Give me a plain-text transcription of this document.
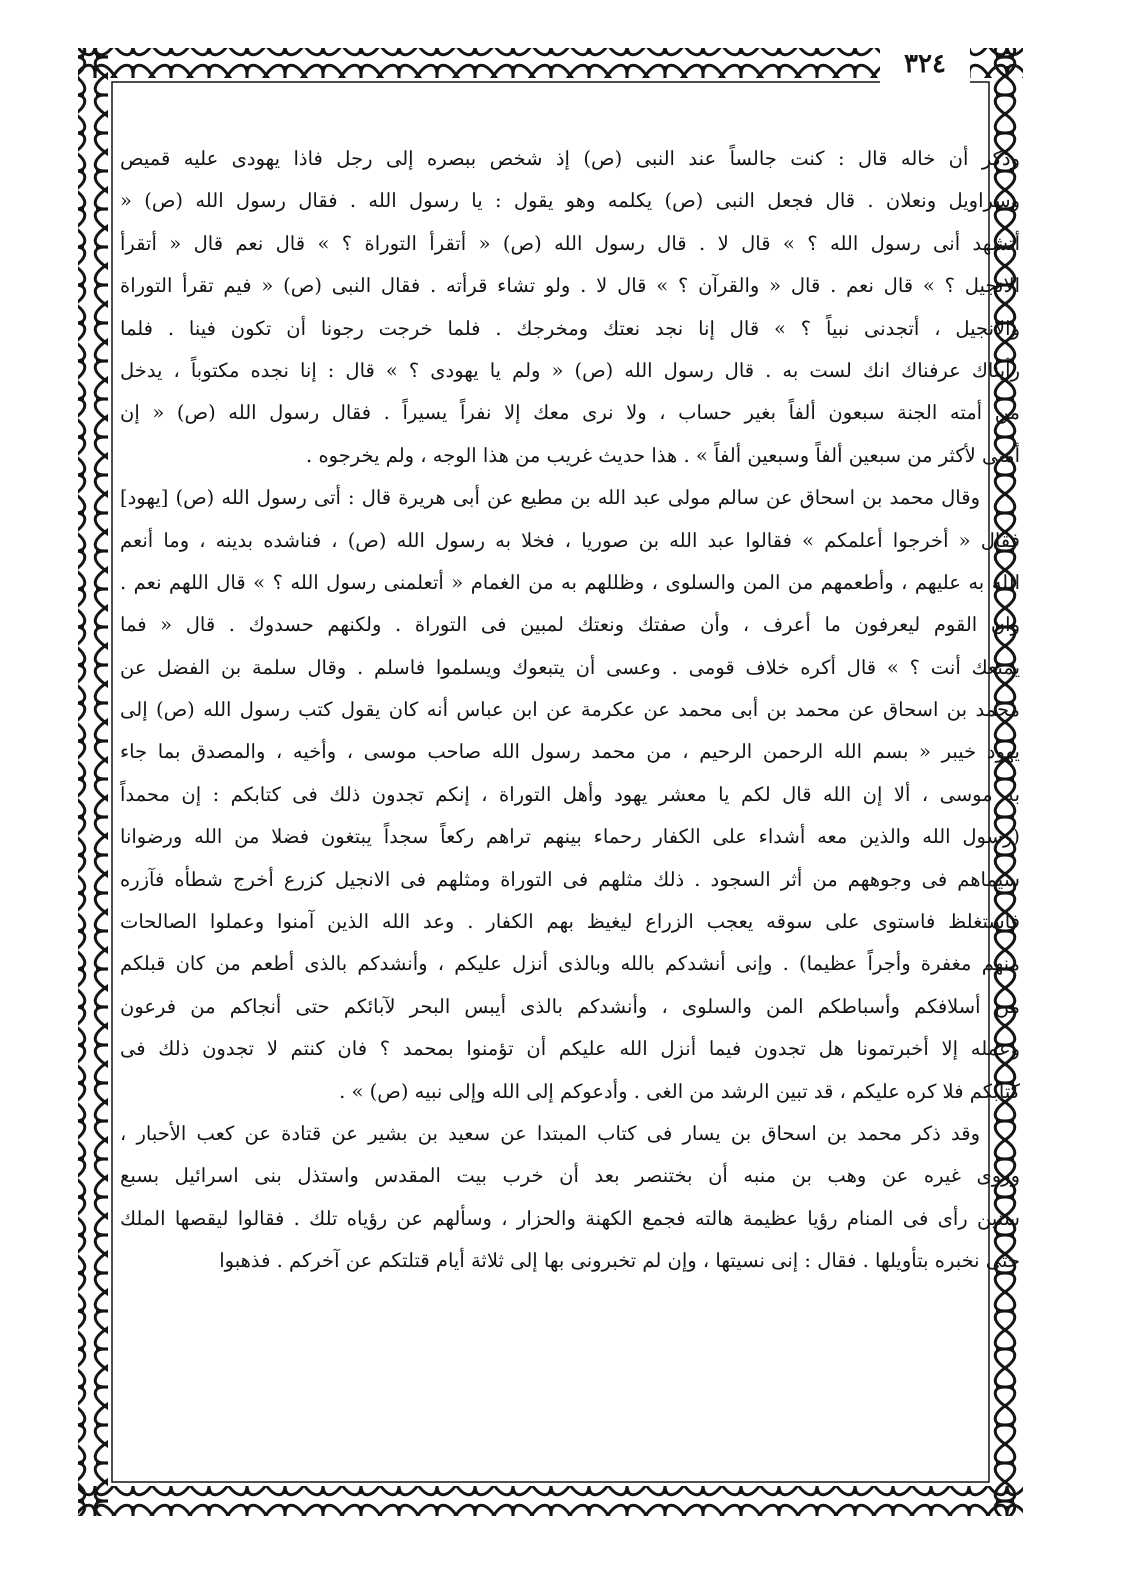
٣٢٤
وذكر أن خاله قال : كنت جالساً عند النبى (ص) إذ شخص ببصره إلى رجل فاذا يهودى عليه قميص
وسراويل ونعلان . قال فجعل النبى (ص) يكلمه وهو يقول : يا رسول الله . فقال رسول الله (ص) «
أتشهد أنى رسول الله ؟ » قال لا . قال رسول الله (ص) « أتقرأ التوراة ؟ » قال نعم قال « أتقرأ
الانجيل ؟ » قال نعم . قال « والقرآن ؟ » قال لا . ولو تشاء قرأته . فقال النبى (ص) « فيم تقرأ التوراة
والانجيل ، أتجدنى نبياً ؟ » قال إنا نجد نعتك ومخرجك . فلما خرجت رجونا أن تكون فينا . فلما
رأيناك عرفناك انك لست به . قال رسول الله (ص) « ولم يا يهودى ؟ » قال : إنا نجده مكتوباً ، يدخل
من أمته الجنة سبعون ألفاً بغير حساب ، ولا نرى معك إلا نفراً يسيراً . فقال رسول الله (ص) « إن
أمتى لأكثر من سبعين ألفاً وسبعين ألفاً » . هذا حديث غريب من هذا الوجه ، ولم يخرجوه .
وقال محمد بن اسحاق عن سالم مولى عبد الله بن مطيع عن أبى هريرة قال : أتى رسول الله (ص) [يهود]
فقال « أخرجوا أعلمكم » فقالوا عبد الله بن صوريا ، فخلا به رسول الله (ص) ، فناشده بدينه ، وما أنعم
الله به عليهم ، وأطعمهم من المن والسلوى ، وظللهم به من الغمام « أتعلمنى رسول الله ؟ » قال اللهم نعم .
وان القوم ليعرفون ما أعرف ، وأن صفتك ونعتك لمبين فى التوراة . ولكنهم حسدوك . قال « فما
يمنعك أنت ؟ » قال أكره خلاف قومى . وعسى أن يتبعوك ويسلموا فاسلم . وقال سلمة بن الفضل عن
محمد بن اسحاق عن محمد بن أبى محمد عن عكرمة عن ابن عباس أنه كان يقول كتب رسول الله (ص) إلى
يهود خيبر « بسم الله الرحمن الرحيم ، من محمد رسول الله صاحب موسى ، وأخيه ، والمصدق بما جاء
به موسى ، ألا إن الله قال لكم يا معشر يهود وأهل التوراة ، إنكم تجدون ذلك فى كتابكم : إن محمداً
(رسول الله والذين معه أشداء على الكفار رحماء بينهم تراهم ركعاً سجداً يبتغون فضلا من الله ورضوانا
سيماهم فى وجوههم من أثر السجود . ذلك مثلهم فى التوراة ومثلهم فى الانجيل كزرع أخرج شطأه فآزره
فاستغلظ فاستوى على سوقه يعجب الزراع ليغيظ بهم الكفار . وعد الله الذين آمنوا وعملوا الصالحات
منهم مغفرة وأجراً عظيما) . وإنى أنشدكم بالله وبالذى أنزل عليكم ، وأنشدكم بالذى أطعم من كان قبلكم
من أسلافكم وأسباطكم المن والسلوى ، وأنشدكم بالذى أيبس البحر لآبائكم حتى أنجاكم من فرعون
وعمله إلا أخبرتمونا هل تجدون فيما أنزل الله عليكم أن تؤمنوا بمحمد ؟ فان كنتم لا تجدون ذلك فى
كتابكم فلا كره عليكم ، قد تبين الرشد من الغى . وأدعوكم إلى الله وإلى نبيه (ص) » .
وقد ذكر محمد بن اسحاق بن يسار فى كتاب المبتدا عن سعيد بن بشير عن قتادة عن كعب الأحبار ،
وروى غيره عن وهب بن منبه أن بختنصر بعد أن خرب بيت المقدس واستذل بنى اسرائيل بسبع
سنين رأى فى المنام رؤيا عظيمة هالته فجمع الكهنة والحزار ، وسألهم عن رؤياه تلك . فقالوا ليقصها الملك
حتى نخبره بتأويلها . فقال : إنى نسيتها ، وإن لم تخبرونى بها إلى ثلاثة أيام قتلتكم عن آخركم . فذهبوا
